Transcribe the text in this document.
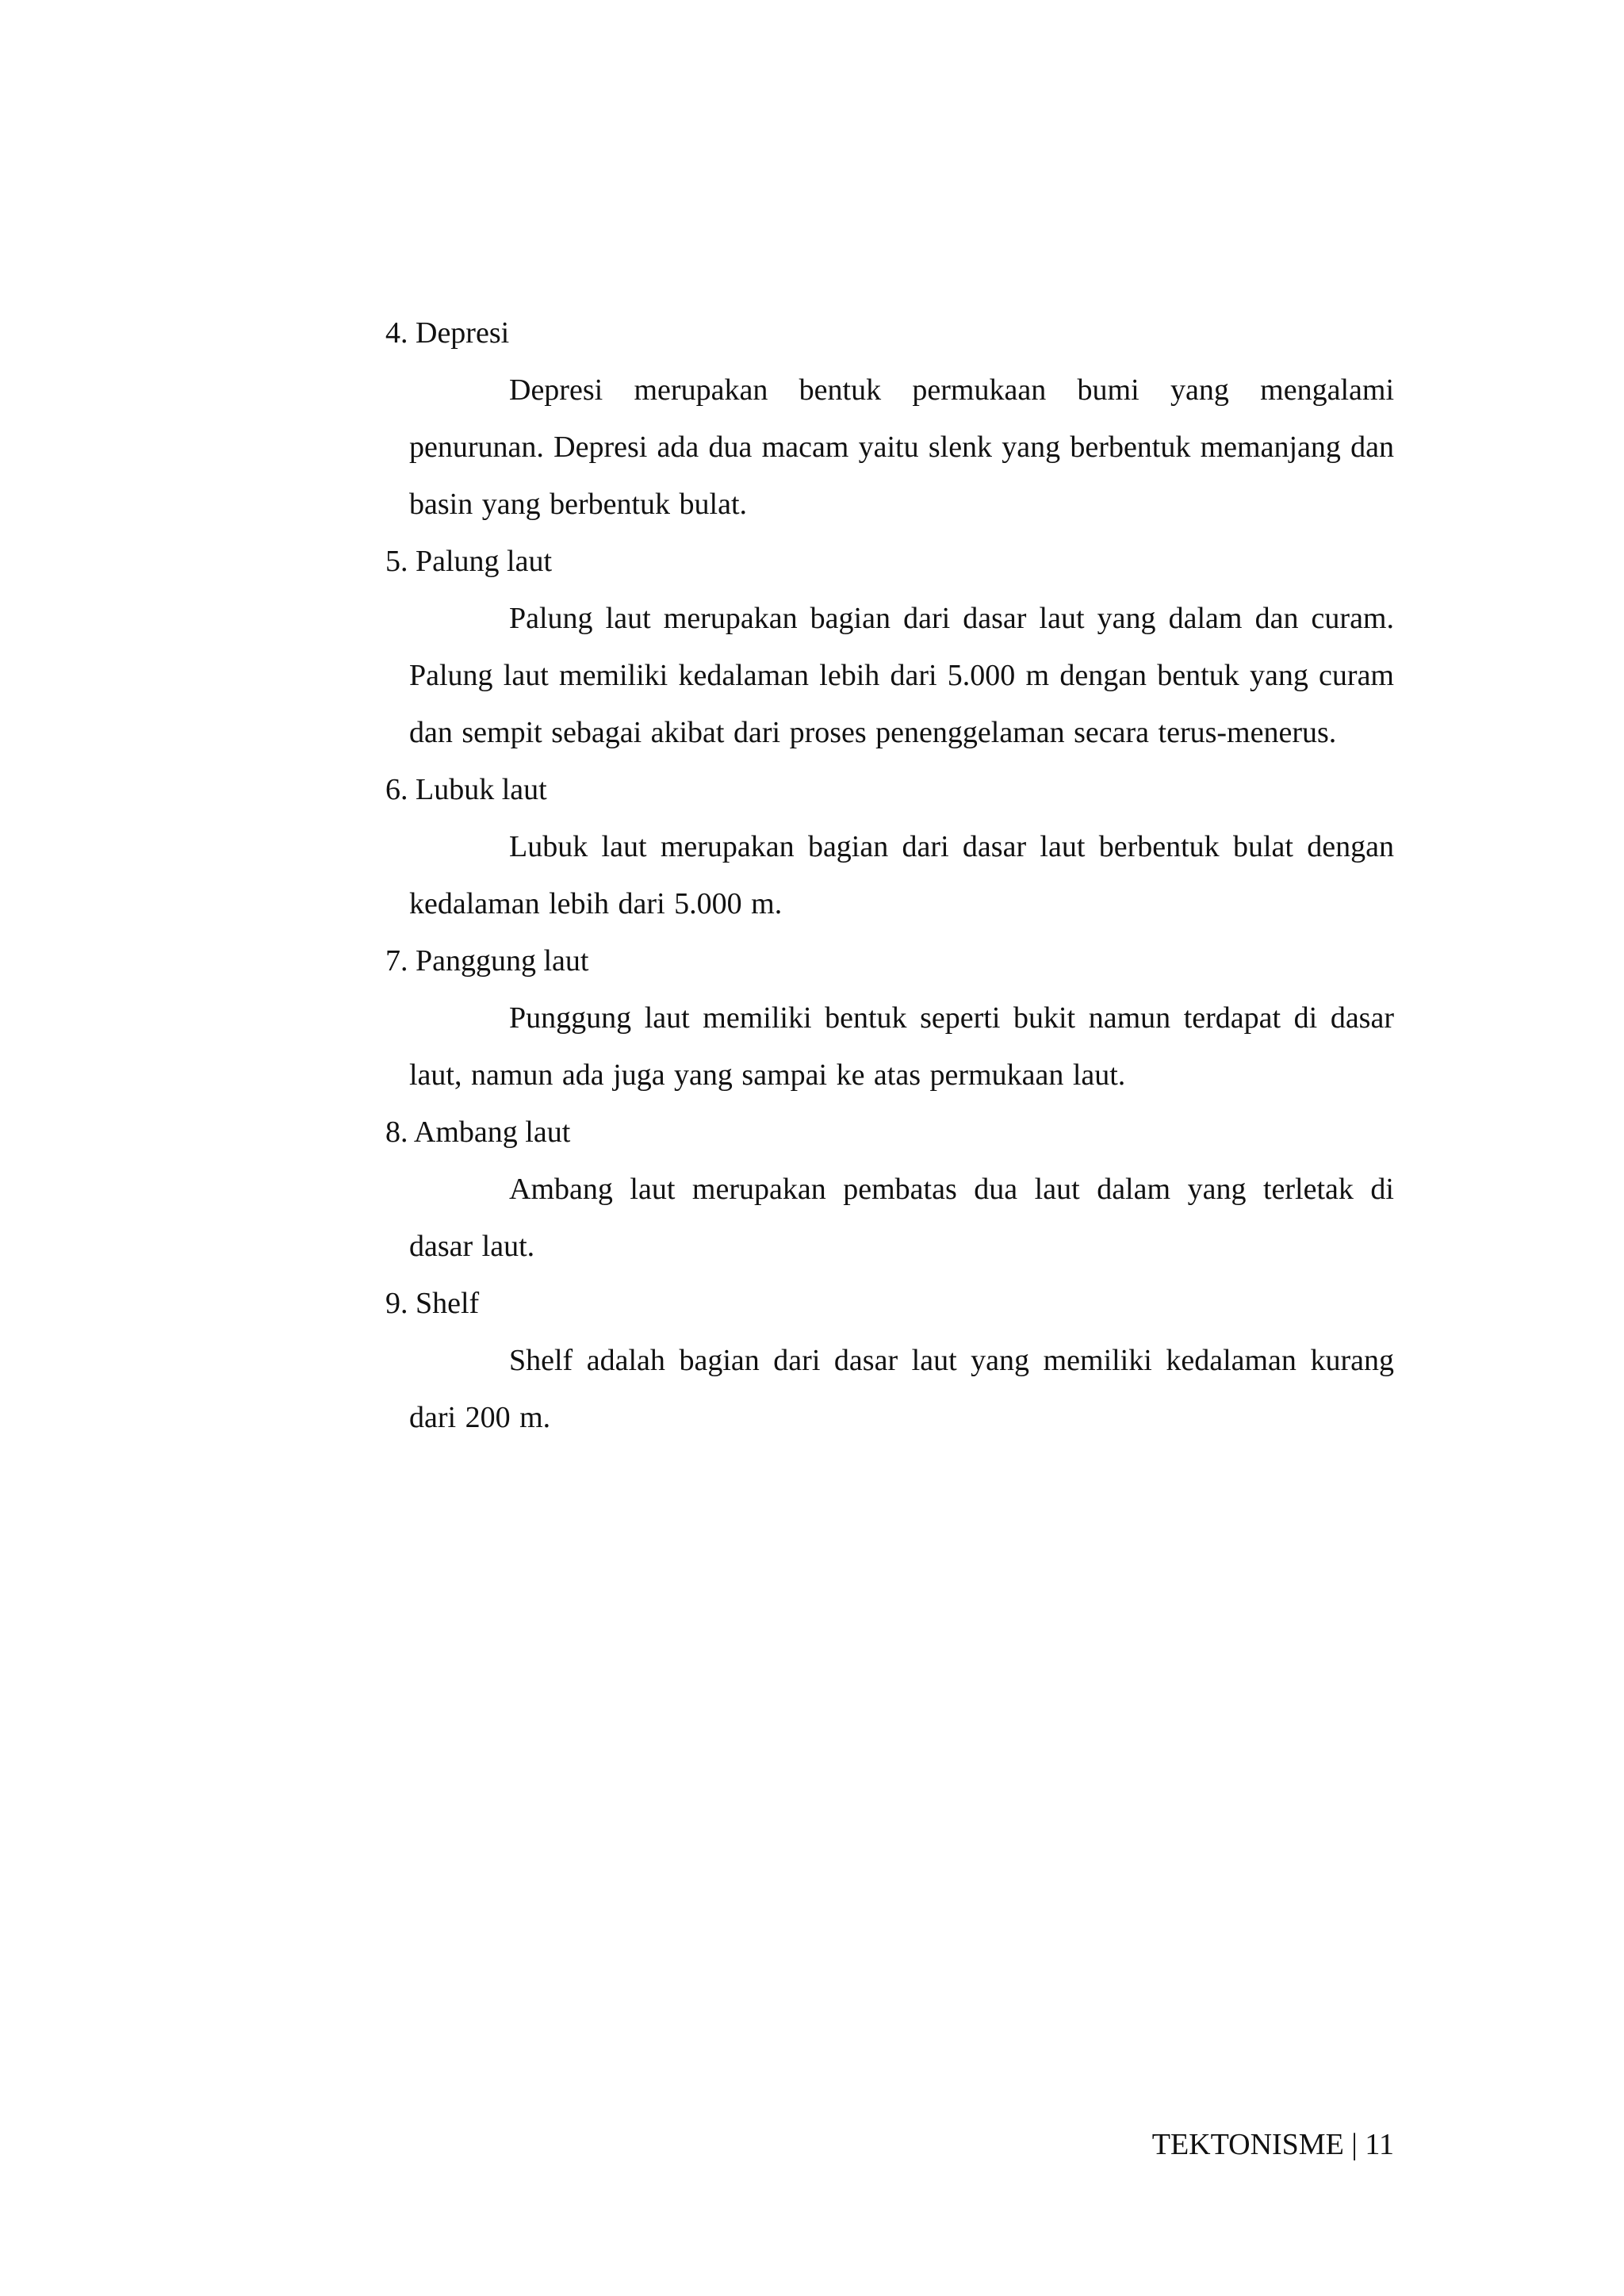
4. Depresi

Depresi merupakan bentuk permukaan bumi yang mengalami penurunan. Depresi ada dua macam yaitu slenk yang berbentuk memanjang dan basin yang berbentuk bulat.

5. Palung laut

Palung laut merupakan bagian dari dasar laut yang dalam dan curam. Palung laut memiliki kedalaman lebih dari 5.000 m dengan bentuk yang curam dan sempit sebagai akibat dari proses penenggelaman secara terus-menerus.

6. Lubuk laut

Lubuk laut merupakan bagian dari dasar laut berbentuk bulat dengan kedalaman lebih dari 5.000 m.

7. Panggung laut

Punggung laut memiliki bentuk seperti bukit namun terdapat di dasar laut, namun ada juga yang sampai ke atas permukaan laut.

8. Ambang laut

Ambang laut merupakan pembatas dua laut dalam yang terletak di dasar laut.

9. Shelf

Shelf adalah bagian dari dasar laut yang memiliki kedalaman kurang dari 200 m.

TEKTONISME | 11
